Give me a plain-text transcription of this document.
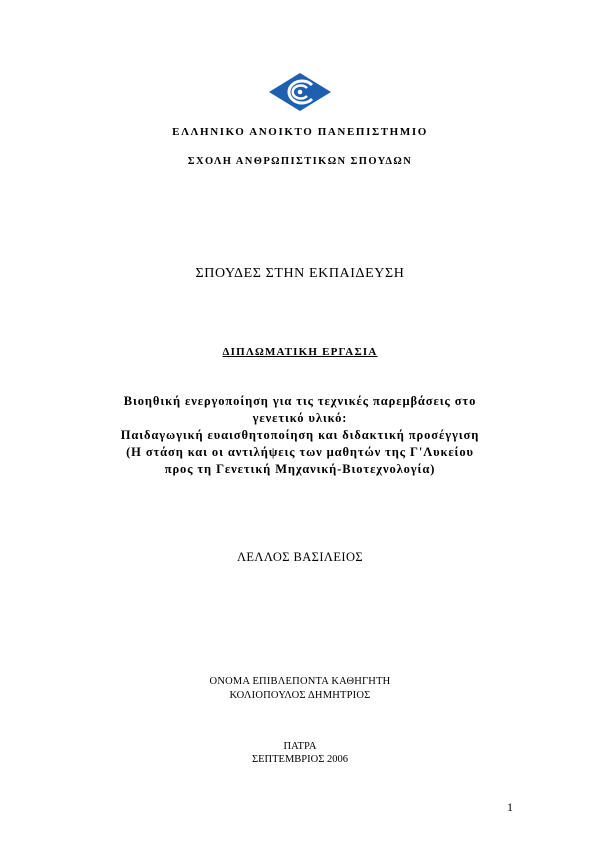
ΕΛΛΗΝΙΚΟ ΑΝΟΙΚΤΟ ΠΑΝΕΠΙΣΤΗΜΙΟ
ΣΧΟΛΗ ΑΝΘΡΩΠΙΣΤΙΚΩΝ ΣΠΟΥΔΩΝ
ΣΠΟΥΔΕΣ ΣΤΗΝ ΕΚΠΑΙΔΕΥΣΗ
ΔΙΠΛΩΜΑΤΙΚΗ ΕΡΓΑΣΙΑ
Βιοηθική ενεργοποίηση για τις τεχνικές παρεμβάσεις στο
γενετικό υλικό:
Παιδαγωγική ευαισθητοποίηση και διδακτική προσέγγιση
(Η στάση και οι αντιλήψεις των μαθητών της Γ'Λυκείου
προς τη Γενετική Μηχανική-Βιοτεχνολογία)
ΛΕΛΛΟΣ ΒΑΣΙΛΕΙΟΣ
ΟΝΟΜΑ ΕΠΙΒΛΕΠΟΝΤΑ ΚΑΘΗΓΗΤΗ
ΚΟΛΙΟΠΟΥΛΟΣ ΔΗΜΗΤΡΙΟΣ
ΠΑΤΡΑ
ΣΕΠΤΕΜΒΡΙΟΣ 2006
1
